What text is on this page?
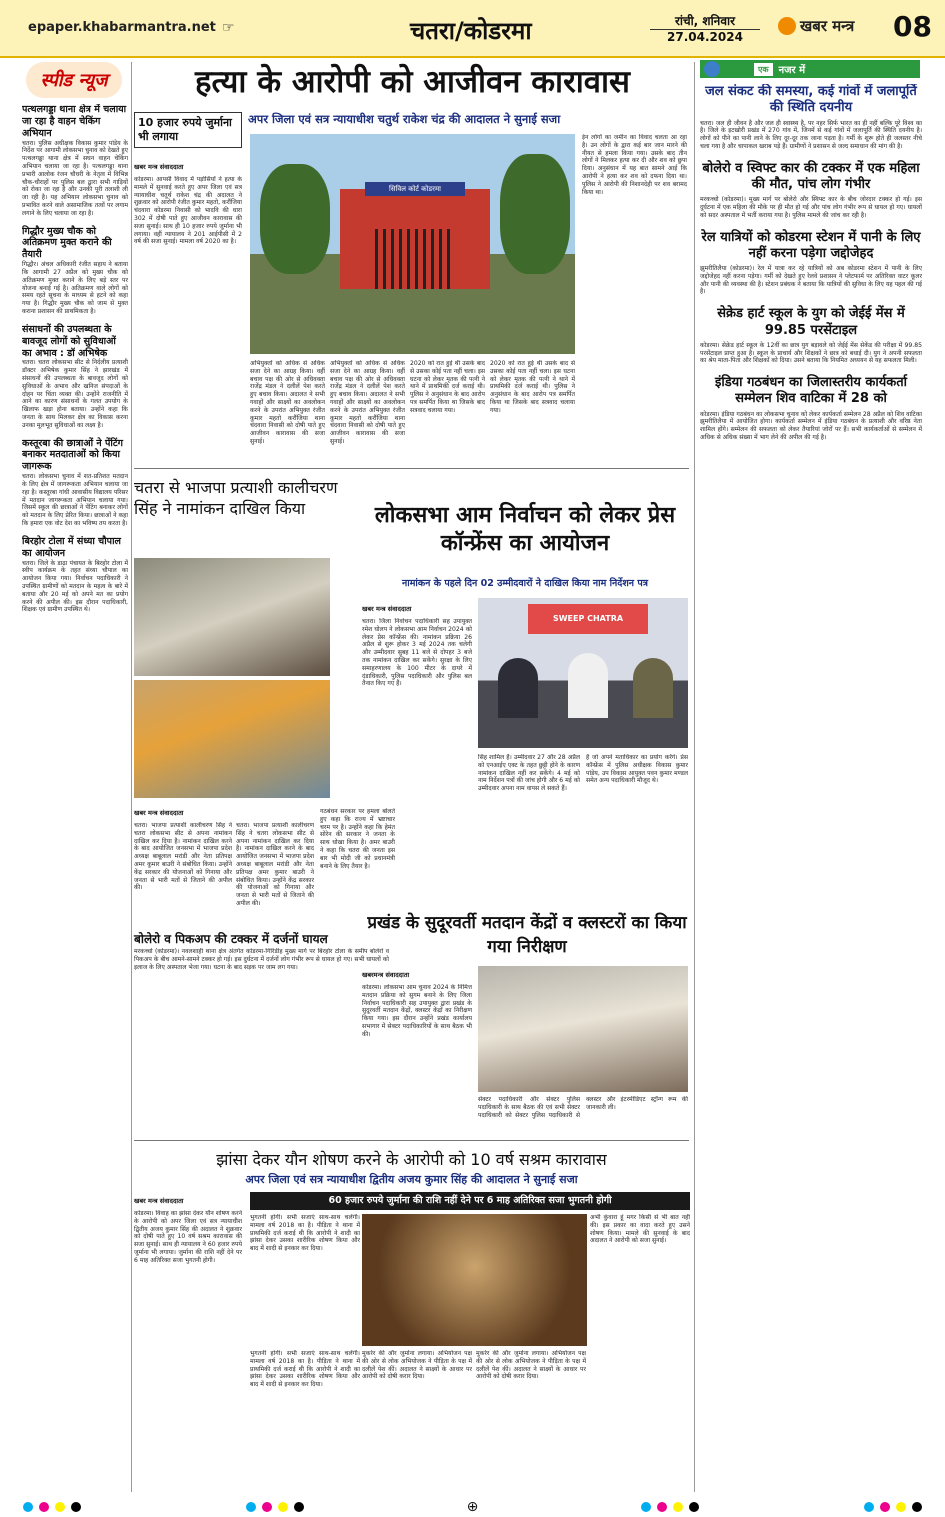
epaper.khabarmantra.net ☞	चतरा/कोडरमा	रांची, शनिवार
27.04.2024
खबर मन्त्र 08
स्पीड न्यूज
पत्थलगड्डा थाना क्षेत्र में चलाया जा रहा है वाहन चेकिंग अभियान
चतरा। पुलिस अधीक्षक विकास कुमार पांडेय के निर्देश पर आगामी लोकसभा चुनाव को देखते हुए पत्थलगड्डा थाना क्षेत्र में सघन वाहन चेकिंग अभियान चलाया जा रहा है। पत्थलगड्डा थाना प्रभारी आलोक रंजन चौधरी के नेतृत्व में विभिन्न चौक-चौराहों पर पुलिस बल द्वारा सभी गाड़ियों को रोका जा रहा है और उनकी पूरी तलाशी ली जा रही है। यह अभियान लोकसभा चुनाव को प्रभावित करने वाले असामाजिक तत्वों पर लगाम लगाने के लिए चलाया जा रहा है।
गिद्धौर मुख्य चौक को अतिक्रमण मुक्त कराने की तैयारी
गिद्धौर। अंचल अधिकारी रंजीत सहाय ने बताया कि आगामी 27 अप्रैल को मुख्य चौक को अतिक्रमण मुक्त कराने के लिए बड़े स्तर पर योजना बनाई गई है। अतिक्रमण वाले लोगों को समय रहते सूचना के माध्यम से हटने को कहा गया है। गिद्धौर मुख्य चौक को जाम से मुक्त कराना प्रशासन की प्राथमिकता है।
संसाधनों की उपलब्धता के बावजूद लोगों को सुविधाओं का अभाव : डॉ अभिषेक
चतरा। चतरा लोकसभा सीट से निर्दलीय प्रत्याशी डॉक्टर अभिषेक कुमार सिंह ने झारखंड में संसाधनों की उपलब्धता के बावजूद लोगों को सुविधाओं के अभाव और खनिज संपदाओं के दोहन पर चिंता व्यक्त की। उन्होंने राजनीति में आने का कारण संसाधनों के गलत उपयोग के खिलाफ खड़ा होना बताया। उन्होंने कहा कि जनता के साथ मिलकर क्षेत्र का विकास करना उनका मूलभूत सुविधाओं का लक्ष्य है।
कस्तूरबा की छात्राओं ने पेंटिंग बनाकर मतदाताओं को किया जागरूक
चतरा। लोकसभा चुनाव में शत-प्रतिशत मतदान के लिए क्षेत्र में जागरूकता अभियान चलाया जा रहा है। कस्तूरबा गांधी आवासीय विद्यालय परिसर में मतदान जागरूकता अभियान चलाया गया। जिसमें स्कूल की छात्राओं ने पेंटिंग बनाकर लोगों को मतदान के लिए प्रेरित किया। छात्राओं ने कहा कि हमारा एक वोट देश का भविष्य तय करता है।
बिरहोर टोला में संध्या चौपाल का आयोजन
चतरा। जिले के डाढ़ा पंचायत के बिरहोर टोला में स्वीप कार्यक्रम के तहत संध्या चौपाल का आयोजन किया गया। निर्वाचन पदाधिकारी ने उपस्थित ग्रामीणों को मतदान के महत्व के बारे में बताया और 20 मई को अपने मत का प्रयोग करने की अपील की। इस दौरान पदाधिकारी, शिक्षक एवं ग्रामीण उपस्थित थे।
हत्या के आरोपी को आजीवन कारावास
10 हजार रुपये जुर्माना भी लगाया
अपर जिला एवं सत्र न्यायाधीश चतुर्थ राकेश चंद्र की आदालत ने सुनाई सजा
खबर मन्त्र संवाददाता
कोडरमा। आपसी विवाद में पड़ोसियों ने हत्या के मामले में सुनवाई करते हुए अपर जिला एवं सत्र न्यायाधीश चतुर्थ राकेश चंद्र की अदालत ने शुक्रवार को आरोपी रंजीत कुमार महतो, करौंजिया चंदवारा कोडरमा निवासी को भादवि की धारा 302 में दोषी पाते हुए आजीवन कारावास की सजा सुनाई। साथ ही 10 हजार रुपये जुर्माना भी लगाया। वहीं न्यायालय ने 201 आईपीसी में 2 वर्ष की सजा सुनाई। मामला वर्ष 2020 का है।
सिविल कोर्ट कोडरमा
अभियुक्तों को अधिक से अधिक सजा देने का आग्रह किया। वहीं बचाव पक्ष की ओर से अधिवक्ता राजेंद्र मंडल ने दलीलें पेश करते हुए बचाव किया। अदालत ने सभी गवाहों और साक्ष्यों का अवलोकन करने के उपरांत अभियुक्त रंजीत कुमार महतो करौंजिया थाना चंदवारा निवासी को दोषी पाते हुए आजीवन कारावास की सजा सुनाई।
अभियुक्तों को अधिक से अधिक सजा देने का आग्रह किया। वहीं बचाव पक्ष की ओर से अधिवक्ता राजेंद्र मंडल ने दलीलें पेश करते हुए बचाव किया। अदालत ने सभी गवाहों और साक्ष्यों का अवलोकन करने के उपरांत अभियुक्त रंजीत कुमार महतो करौंजिया थाना चंदवारा निवासी को दोषी पाते हुए आजीवन कारावास की सजा सुनाई।
2020 को रात हुई थी उसके बाद से उसका कोई पता नहीं चला। इस घटना को लेकर मृतक की पत्नी ने थाने में प्राथमिकी दर्ज कराई थी। पुलिस ने अनुसंधान के बाद आरोप पत्र समर्पित किया था जिसके बाद सत्रवाद चलाया गया।
2020 को रात हुई थी उसके बाद से उसका कोई पता नहीं चला। इस घटना को लेकर मृतक की पत्नी ने थाने में प्राथमिकी दर्ज कराई थी। पुलिस ने अनुसंधान के बाद आरोप पत्र समर्पित किया था जिसके बाद सत्रवाद चलाया गया।
ईन लोगों का जमीन का विवाद चलता आ रहा है। उन लोगों के द्वारा कई बार जान मारने की नीयत से हमला किया गया। उसके बाद तीन लोगों ने मिलकर हत्या कर दी और शव को छुपा दिया। अनुसंधान में यह बात सामने आई कि आरोपी ने हत्या कर शव को दफना दिया था। पुलिस ने आरोपी की निशानदेही पर शव बरामद किया था।
चतरा से भाजपा प्रत्याशी कालीचरण सिंह ने नामांकन दाखिल किया
खबर मन्त्र संवाददाता
चतरा। भाजपा प्रत्याशी कालीचरण सिंह ने चतरा लोकसभा सीट से अपना नामांकन दाखिल कर दिया है। नामांकन दाखिल करने के बाद आयोजित जनसभा में भाजपा प्रदेश अध्यक्ष बाबूलाल मरांडी और नेता प्रतिपक्ष अमर कुमार बाउरी ने संबोधित किया। उन्होंने केंद्र सरकार की योजनाओं को गिनाया और जनता से भारी मतों से जिताने की अपील की।
चतरा। भाजपा प्रत्याशी कालीचरण सिंह ने चतरा लोकसभा सीट से अपना नामांकन दाखिल कर दिया है। नामांकन दाखिल करने के बाद आयोजित जनसभा में भाजपा प्रदेश अध्यक्ष बाबूलाल मरांडी और नेता प्रतिपक्ष अमर कुमार बाउरी ने संबोधित किया। उन्होंने केंद्र सरकार की योजनाओं को गिनाया और जनता से भारी मतों से जिताने की अपील की।
गठबंधन सरकार पर हमला बोलते हुए कहा कि राज्य में भ्रष्टाचार चरम पर है। उन्होंने कहा कि हेमंत सोरेन की सरकार ने जनता के साथ धोखा किया है। अमर बाउरी ने कहा कि चतरा की जनता इस बार भी मोदी जी को प्रधानमंत्री बनाने के लिए तैयार है।
लोकसभा आम निर्वाचन को लेकर प्रेस कॉन्फ्रेंस का आयोजन
नामांकन के पहले दिन 02 उम्मीदवारों ने दाखिल किया नाम निर्देशन पत्र
खबर मन्त्र संवाददाता
चतरा। जिला निर्वाचन पदाधिकारी सह उपायुक्त रमेश घोलप ने लोकसभा आम निर्वाचन 2024 को लेकर प्रेस कॉन्फ्रेंस की। नामांकन प्रक्रिया 26 अप्रैल से शुरू होकर 3 मई 2024 तक चलेगी और उम्मीदवार सुबह 11 बजे से दोपहर 3 बजे तक नामांकन दाखिल कर सकेंगे। सुरक्षा के लिए समाहरणालय के 100 मीटर के दायरे में दंडाधिकारी, पुलिस पदाधिकारी और पुलिस बल तैनात किए गए हैं।
SWEEP CHATRA
सिंह शामिल हैं। उम्मीदवार 27 और 28 अप्रैल को एनआईए एक्ट के तहत छुट्टी होने के कारण नामांकन दाखिल नहीं कर सकेंगे। 4 मई को नाम निर्देशन पत्रों की जांच होगी और 6 मई को उम्मीदवार अपना नाम वापस ले सकते हैं।
है जो अपने मताधिकार का प्रयोग करेंगे। प्रेस कॉन्फ्रेंस में पुलिस अधीक्षक विकास कुमार पांडेय, उप विकास आयुक्त पवन कुमार मण्डल समेत अन्य पदाधिकारी मौजूद थे।
बोलेरो व पिकअप की टक्कर में दर्जनों घायल
मरकच्चो (कोडरमा)। नवलशाही थाना क्षेत्र अंतर्गत कोडरमा-गिरिडीह मुख्य मार्ग पर बिरहोर टोला के समीप बोलेरो व पिकअप के बीच आमने-सामने टक्कर हो गई। इस दुर्घटना में दर्जनों लोग गंभीर रूप से घायल हो गए। सभी घायलों को इलाज के लिए अस्पताल भेजा गया। घटना के बाद सड़क पर जाम लग गया।
प्रखंड के सुदूरवर्ती मतदान केंद्रों व क्लस्टरों का किया गया निरीक्षण
खबरमन्त्र संवाददाता
कोडरमा। लोकसभा आम चुनाव 2024 के निमित्त मतदान प्रक्रिया को सुगम बनाने के लिए जिला निर्वाचन पदाधिकारी सह उपायुक्त द्वारा प्रखंड के सुदूरवर्ती मतदान केंद्रों, क्लस्टर केंद्रों का निरीक्षण किया गया। इस दौरान उन्होंने प्रखंड कार्यालय सभागार में सेक्टर पदाधिकारियों के साथ बैठक भी की।
सेक्टर पदाधिकारी और सेक्टर पुलिस पदाधिकारी के साथ बैठक की एवं सभी सेक्टर पदाधिकारी को सेक्टर पुलिस पदाधिकारी से क्लस्टर और इंटरमीडिएट स्ट्रॉन्ग रूम की जानकारी ली।
झांसा देकर यौन शोषण करने के आरोपी को 10 वर्ष सश्रम कारावास
अपर जिला एवं सत्र न्यायाधीश द्वितीय अजय कुमार सिंह की आदालत ने सुनाई सजा
खबर मन्त्र संवाददाता	60 हजार रुपये जुर्माना की राशि नहीं देने पर 6 माह अतिरिक्त सजा भुगतनी होगी
कोडरमा। विवाह का झांसा देकर यौन शोषण करने के आरोपी को अपर जिला एवं सत्र न्यायाधीश द्वितीय अजय कुमार सिंह की अदालत ने शुक्रवार को दोषी पाते हुए 10 वर्ष सश्रम कारावास की सजा सुनाई। साथ ही न्यायालय ने 60 हजार रुपये जुर्माना भी लगाया। जुर्माना की राशि नहीं देने पर 6 माह अतिरिक्त सजा भुगतनी होगी।
भुगतनी होगी। सभी सजाएं साथ-साथ चलेंगी। मामला वर्ष 2018 का है। पीड़िता ने थाना में प्राथमिकी दर्ज कराई थी कि आरोपी ने शादी का झांसा देकर उसका शारीरिक शोषण किया और बाद में शादी से इनकार कर दिया।
भुगतनी होगी। सभी सजाएं साथ-साथ चलेंगी। मामला वर्ष 2018 का है। पीड़िता ने थाना में प्राथमिकी दर्ज कराई थी कि आरोपी ने शादी का झांसा देकर उसका शारीरिक शोषण किया और बाद में शादी से इनकार कर दिया।
मुकर्रर की और जुर्माना लगाया। अभियोजन पक्ष की ओर से लोक अभियोजक ने पीड़िता के पक्ष में दलीलें पेश कीं। अदालत ने साक्ष्यों के आधार पर आरोपी को दोषी करार दिया।
मुकर्रर की और जुर्माना लगाया। अभियोजन पक्ष की ओर से लोक अभियोजक ने पीड़िता के पक्ष में दलीलें पेश कीं। अदालत ने साक्ष्यों के आधार पर आरोपी को दोषी करार दिया।
अभी कुंवारा हूं मगर किसी से भी बात नहीं की। इस प्रकार का वादा करते हुए उसने शोषण किया। मामले की सुनवाई के बाद अदालत ने आरोपी को सजा सुनाई।
एक	नजर में
जल संकट की समस्या, कई गांवों में जलापूर्ति की स्थिति दयनीय
चतरा। जल ही जीवन है और जल ही स्वास्थ्य है, पर नहर सिर्फ भारत का ही नहीं बल्कि पूरे विश्व का है। जिले के इटखोरी प्रखंड में 270 गांव में, जिनमें से कई गांवों में जलापूर्ति की स्थिति दयनीय है। लोगों को पीने का पानी लाने के लिए दूर-दूर तक जाना पड़ता है। गर्मी के शुरू होते ही जलस्तर नीचे चला गया है और चापाकल खराब पड़े हैं। ग्रामीणों ने प्रशासन से जल्द समाधान की मांग की है।
बोलेरो व स्विफ्ट कार की टक्कर में एक महिला की मौत, पांच लोग गंभीर
मरकच्चो (कोडरमा)। मुख्य मार्ग पर बोलेरो और स्विफ्ट कार के बीच जोरदार टक्कर हो गई। इस दुर्घटना में एक महिला की मौके पर ही मौत हो गई और पांच लोग गंभीर रूप से घायल हो गए। घायलों को सदर अस्पताल में भर्ती कराया गया है। पुलिस मामले की जांच कर रही है।
रेल यात्रियों को कोडरमा स्टेशन में पानी के लिए नहीं करना पड़ेगा जद्दोजेहद
झुमरीतिलैया (कोडरमा)। रेल में यात्रा कर रहे यात्रियों को अब कोडरमा स्टेशन में पानी के लिए जद्दोजेहद नहीं करना पड़ेगा। गर्मी को देखते हुए रेलवे प्रशासन ने प्लेटफार्म पर अतिरिक्त वाटर कूलर और पानी की व्यवस्था की है। स्टेशन प्रबंधक ने बताया कि यात्रियों की सुविधा के लिए यह पहल की गई है।
सेक्रेड हार्ट स्कूल के युग को जेईई मेंस में 99.85 परसेंटाइल
कोडरमा। सेक्रेड हार्ट स्कूल के 12वीं का छात्र युग बड़ावले को जेईई मेंस सेकेंड की परीक्षा में 99.85 परसेंटाइल प्राप्त हुआ है। स्कूल के प्राचार्य और शिक्षकों ने छात्र को बधाई दी। युग ने अपनी सफलता का श्रेय माता-पिता और शिक्षकों को दिया। उसने बताया कि नियमित अध्ययन से यह सफलता मिली।
इंडिया गठबंधन का जिलास्तरीय कार्यकर्ता सम्मेलन शिव वाटिका में 28 को
कोडरमा। इंडिया गठबंधन का लोकसभा चुनाव को लेकर कार्यकर्ता सम्मेलन 28 अप्रैल को शिव वाटिका झुमरीतिलैया में आयोजित होगा। कार्यकर्ता सम्मेलन में इंडिया गठबंधन के प्रत्याशी और वरिष्ठ नेता शामिल होंगे। सम्मेलन की सफलता को लेकर तैयारियां जोरों पर हैं। सभी कार्यकर्ताओं से सम्मेलन में अधिक से अधिक संख्या में भाग लेने की अपील की गई है।
⊕
